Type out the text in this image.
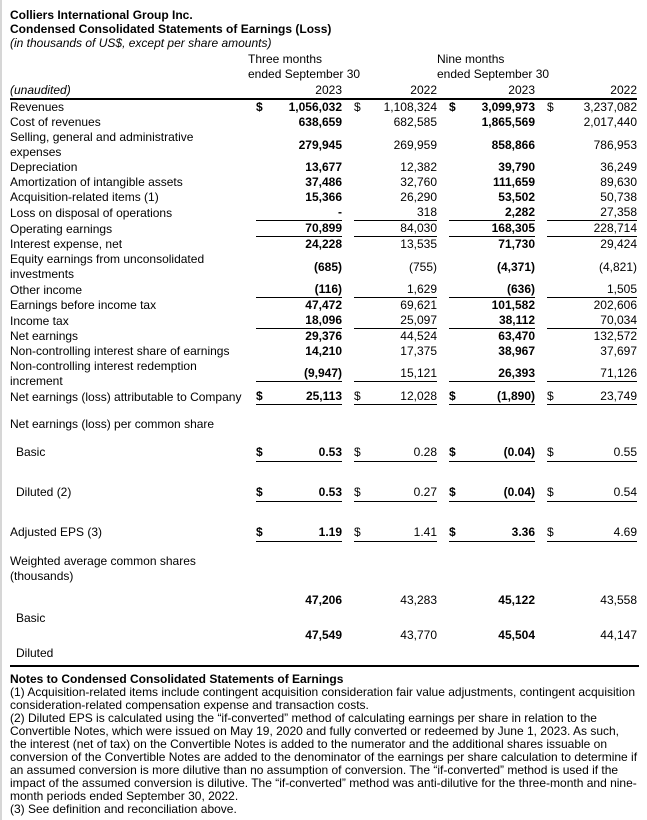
Colliers International Group Inc.
Condensed Consolidated Statements of Earnings (Loss)
(in thousands of US$, except per share amounts)

Three months
ended September 30

Nine months
ended September 30

(unaudited)	2023	2022	2023	2022
Revenues	$ 1,056,032	$ 1,108,324	$ 3,099,973	$ 3,237,082

Cost of revenues	638,659	682,585	1,865,569	2,017,440

Selling, general and administrative expenses	279,945	269,959	858,866	786,953

Depreciation	13,677	12,382	39,790	36,249

Amortization of intangible assets	37,486	32,760	111,659	89,630

Acquisition-related items (1)	15,366	26,290	53,502	50,738

Loss on disposal of operations	-	318	2,282	27,358

Operating earnings	70,899	84,030	168,305	228,714

Interest expense, net	24,228	13,535	71,730	29,424

Equity earnings from unconsolidated investments	(685)	(755)	(4,371)	(4,821)

Other income	(116)	1,629	(636)	1,505

Earnings before income tax	47,472	69,621	101,582	202,606

Income tax	18,096	25,097	38,112	70,034

Net earnings	29,376	44,524	63,470	132,572

Non-controlling interest share of earnings	14,210	17,375	38,967	37,697

Non-controlling interest redemption increment	(9,947)	15,121	26,393	71,126

Net earnings (loss) attributable to Company	$ 25,113	$ 12,028	$ (1,890)	$ 23,749

Net earnings (loss) per common share				

Basic	$ 0.53	$ 0.28	$ (0.04)	$ 0.55

Diluted (2)	$ 0.53	$ 0.27	$ (0.04)	$ 0.54

Adjusted EPS (3)	$ 1.19	$ 1.41	$ 3.36	$ 4.69

Weighted average common shares (thousands)				

Basic	47,206	43,283	45,122	43,558

Diluted	47,549	43,770	45,504	44,147
Notes to Condensed Consolidated Statements of Earnings

(1) Acquisition-related items include contingent acquisition consideration fair value adjustments, contingent acquisition consideration-related compensation expense and transaction costs.

(2) Diluted EPS is calculated using the “if-converted” method of calculating earnings per share in relation to the Convertible Notes, which were issued on May 19, 2020 and fully converted or redeemed by June 1, 2023. As such, the interest (net of tax) on the Convertible Notes is added to the numerator and the additional shares issuable on conversion of the Convertible Notes are added to the denominator of the earnings per share calculation to determine if an assumed conversion is more dilutive than no assumption of conversion. The “if-converted” method is used if the impact of the assumed conversion is dilutive. The “if-converted” method was anti-dilutive for the three-month and nine-month periods ended September 30, 2022.

(3) See definition and reconciliation above.
